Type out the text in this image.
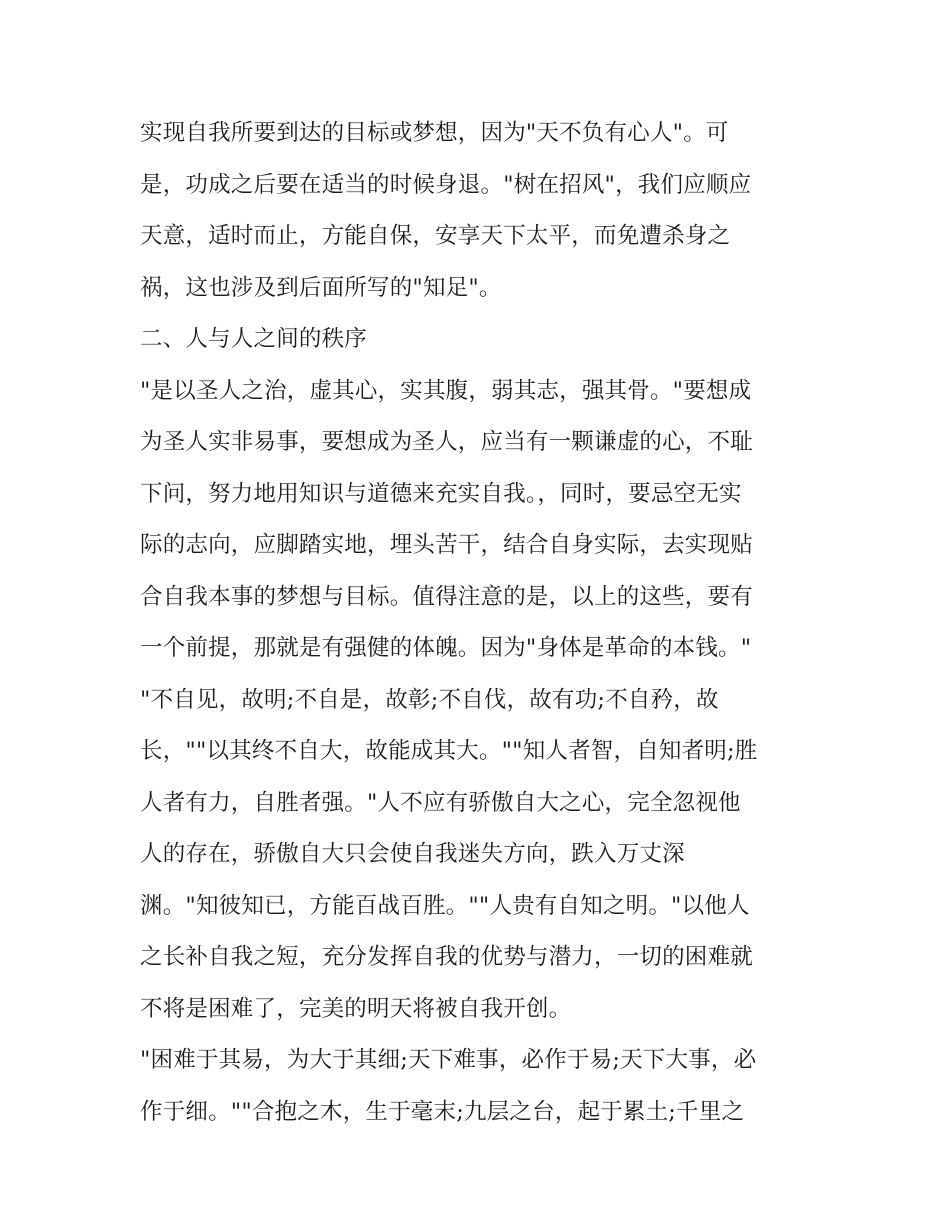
实现自我所要到达的目标或梦想，因为"天不负有心人"。可
是，功成之后要在适当的时候身退。"树在招风"，我们应顺应
天意，适时而止，方能自保，安享天下太平，而免遭杀身之
祸，这也涉及到后面所写的"知足"。
二、人与人之间的秩序
"是以圣人之治，虚其心，实其腹，弱其志，强其骨。"要想成
为圣人实非易事，要想成为圣人，应当有一颗谦虚的心，不耻
下问，努力地用知识与道德来充实自我。，同时，要忌空无实
际的志向，应脚踏实地，埋头苦干，结合自身实际，去实现贴
合自我本事的梦想与目标。值得注意的是，以上的这些，要有
一个前提，那就是有强健的体魄。因为"身体是革命的本钱。"
"不自见，故明;不自是，故彰;不自伐，故有功;不自矜，故
长，""以其终不自大，故能成其大。""知人者智，自知者明;胜
人者有力，自胜者强。"人不应有骄傲自大之心，完全忽视他
人的存在，骄傲自大只会使自我迷失方向，跌入万丈深
渊。"知彼知已，方能百战百胜。""人贵有自知之明。"以他人
之长补自我之短，充分发挥自我的优势与潜力，一切的困难就
不将是困难了，完美的明天将被自我开创。
"困难于其易，为大于其细;天下难事，必作于易;天下大事，必
作于细。""合抱之木，生于毫末;九层之台，起于累土;千里之
